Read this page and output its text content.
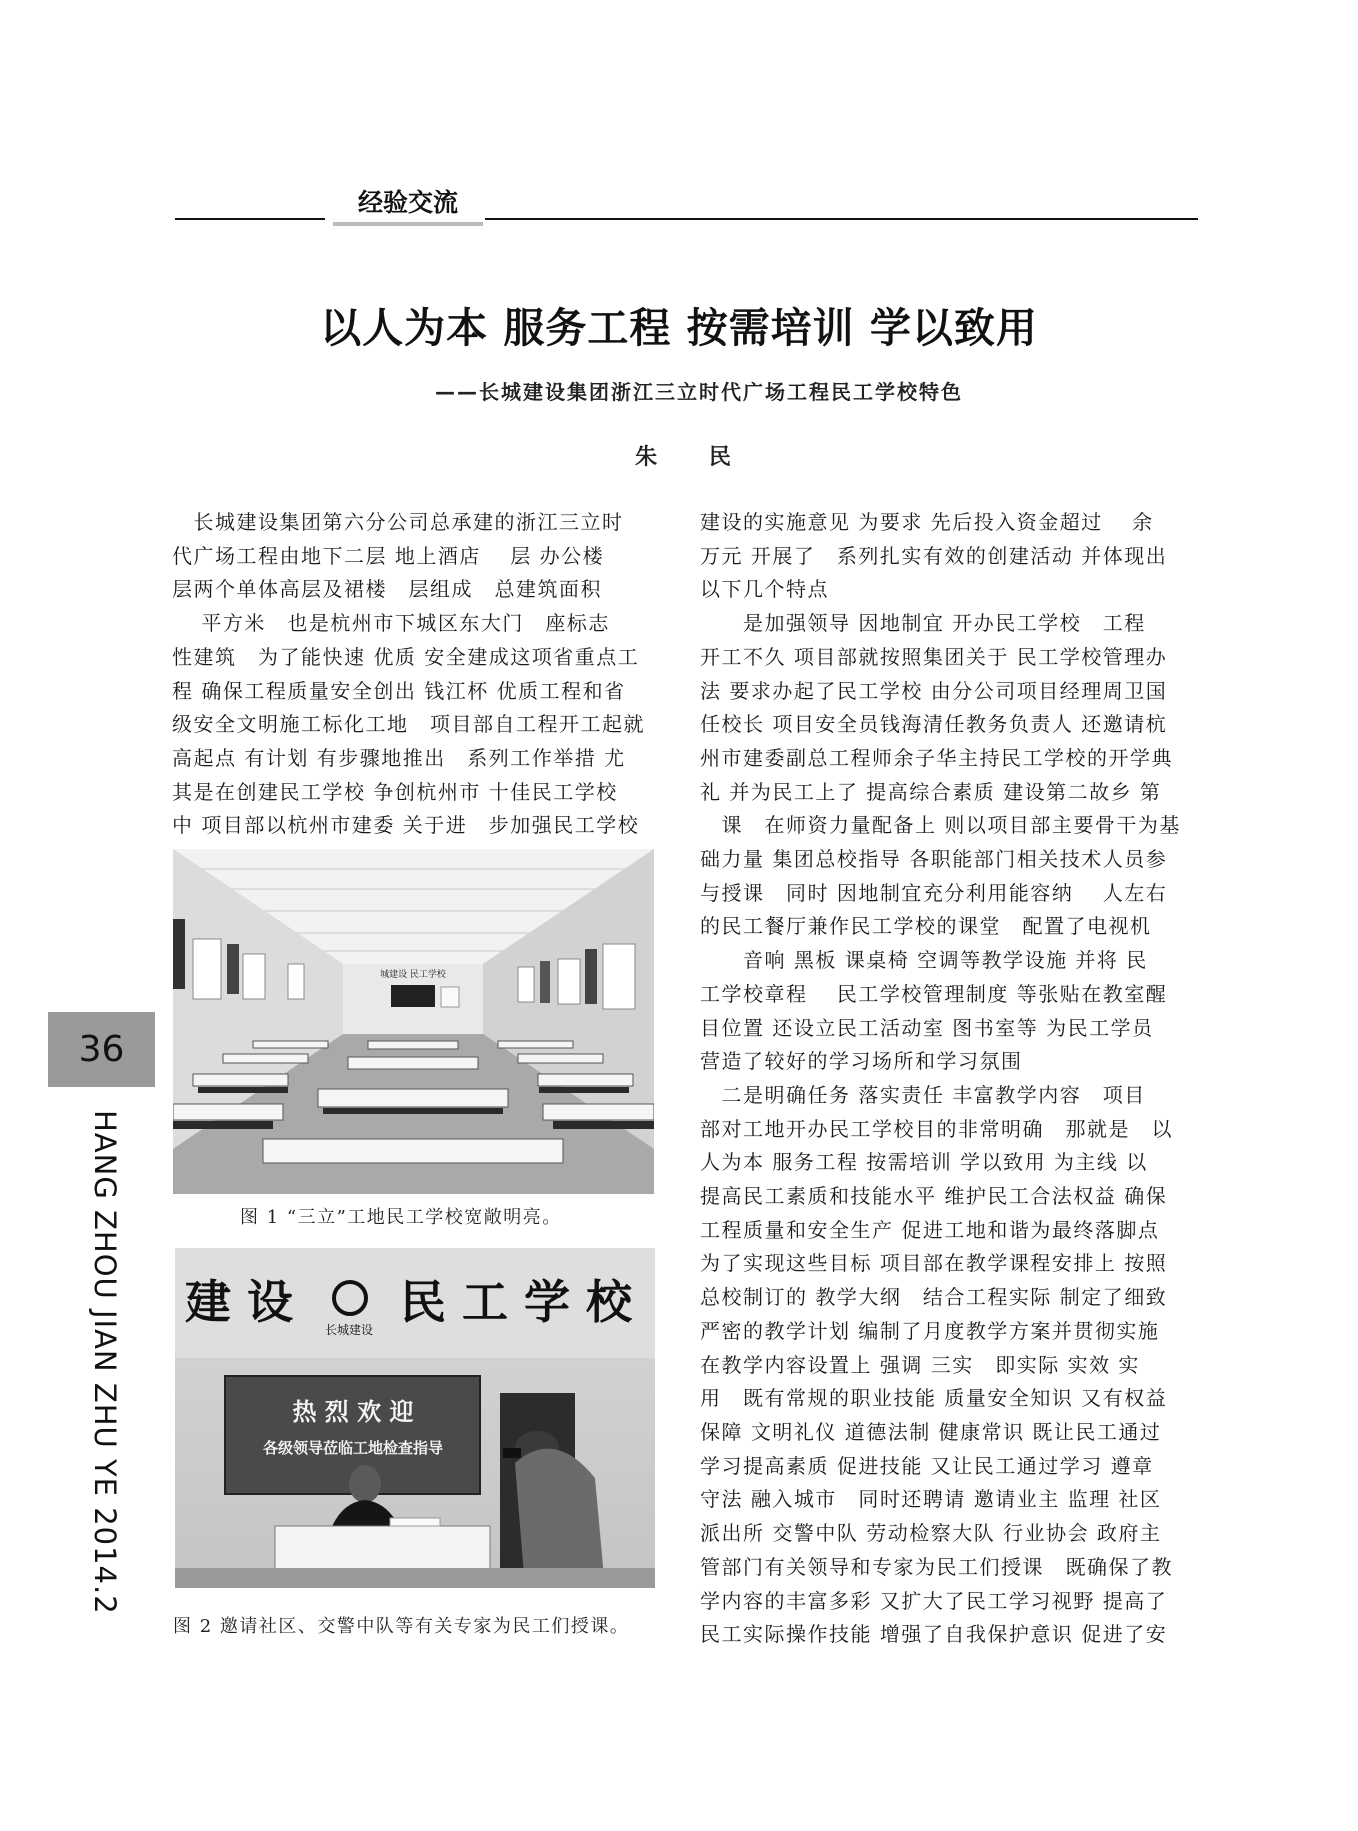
经验交流
以人为本 服务工程 按需培训 学以致用
——长城建设集团浙江三立时代广场工程民工学校特色
朱 民

　长城建设集团第六分公司总承建的浙江三立时

代广场工程由地下二层 地上酒店　 层 办公楼

层两个单体高层及裙楼　层组成　总建筑面积

　 平方米　也是杭州市下城区东大门　座标志

性建筑　为了能快速 优质 安全建成这项省重点工

程 确保工程质量安全创出 钱江杯 优质工程和省

级安全文明施工标化工地　项目部自工程开工起就

高起点 有计划 有步骤地推出　系列工作举措 尤

其是在创建民工学校 争创杭州市 十佳民工学校

中 项目部以杭州市建委 关于进　步加强民工学校

建设的实施意见 为要求 先后投入资金超过　 余

万元 开展了　系列扎实有效的创建活动 并体现出

以下几个特点

　　是加强领导 因地制宜 开办民工学校　工程

开工不久 项目部就按照集团关于 民工学校管理办

法 要求办起了民工学校 由分公司项目经理周卫国

任校长 项目安全员钱海清任教务负责人 还邀请杭

州市建委副总工程师余子华主持民工学校的开学典

礼 并为民工上了 提高综合素质 建设第二故乡 第

　课　在师资力量配备上 则以项目部主要骨干为基

础力量 集团总校指导 各职能部门相关技术人员参

与授课　同时 因地制宜充分利用能容纳　 人左右

的民工餐厅兼作民工学校的课堂　配置了电视机

　　音响 黑板 课桌椅 空调等教学设施 并将 民

工学校章程　 民工学校管理制度 等张贴在教室醒

目位置 还设立民工活动室 图书室等 为民工学员

营造了较好的学习场所和学习氛围

　二是明确任务 落实责任 丰富教学内容　项目

部对工地开办民工学校目的非常明确　那就是　以

人为本 服务工程 按需培训 学以致用 为主线 以

提高民工素质和技能水平 维护民工合法权益 确保

工程质量和安全生产 促进工地和谐为最终落脚点

为了实现这些目标 项目部在教学课程安排上 按照

总校制订的 教学大纲　结合工程实际 制定了细致

严密的教学计划 编制了月度教学方案并贯彻实施

在教学内容设置上 强调 三实　即实际 实效 实

用　既有常规的职业技能 质量安全知识 又有权益

保障 文明礼仪 道德法制 健康常识 既让民工通过

学习提高素质 促进技能 又让民工通过学习 遵章

守法 融入城市　同时还聘请 邀请业主 监理 社区

派出所 交警中队 劳动检察大队 行业协会 政府主

管部门有关领导和专家为民工们授课　既确保了教

学内容的丰富多彩 又扩大了民工学习视野 提高了

民工实际操作技能 增强了自我保护意识 促进了安

36
HANG ZHOU JIAN ZHU YE 2014.2
城建设 民工学校
图 1 “三立”工地民工学校宽敞明亮。
建 设
长城建设
民 工 学 校
热 烈 欢 迎
各级领导莅临工地检查指导
图 2 邀请社区、交警中队等有关专家为民工们授课。
